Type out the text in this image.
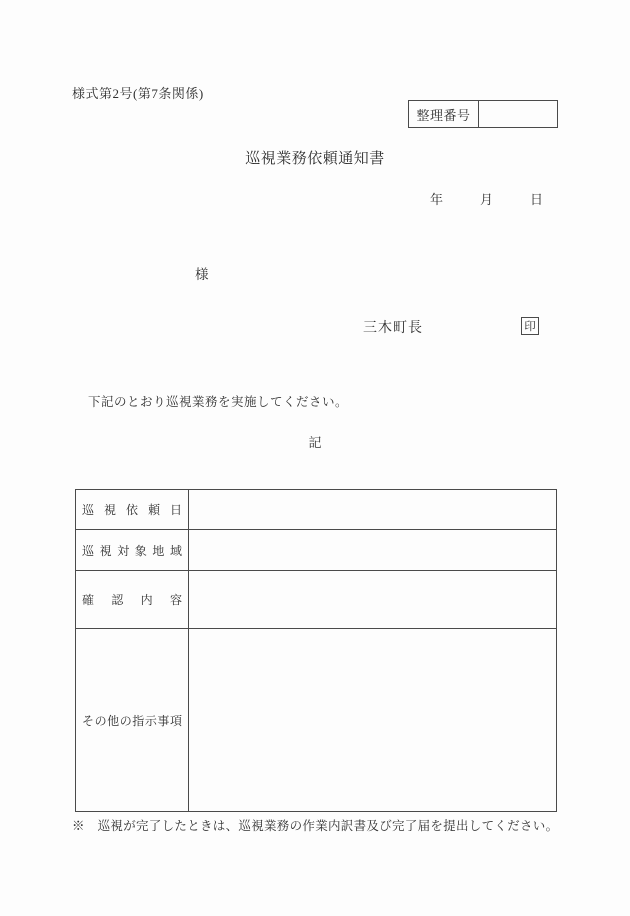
様式第2号(第7条関係)
整理番号
巡視業務依頼通知書
年	月	日
様
三木町長	印
下記のとおり巡視業務を実施してください。
記
巡視依頼日
巡視対象地域
確認内容
その他の指示事項
※　巡視が完了したときは、巡視業務の作業内訳書及び完了届を提出してください。
